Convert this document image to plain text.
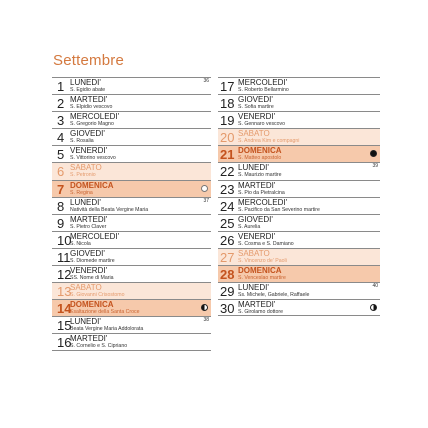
Settembre
1 LUNEDI'
S. Egidio abate
36
2 MARTEDI'
S. Elpidio vescovo
3 MERCOLEDI'
S. Gregorio Magno
4 GIOVEDI'
S. Rosalia
5 VENERDI'
S. Vittorino vescovo
6 SABATO
S. Petronio
7 DOMENICA
S. Regina
8 LUNEDI'
Natività della Beata Vergine Maria
37
9 MARTEDI'
S. Pietro Claver
10
MERCOLEDI'
S. Nicola
11 GIOVEDI'
S. Diomede martire
12
VENERDI'
SS. Nome di Maria
13
SABATO
S. Giovanni Crisostomo
14
DOMENICA
Esaltazione della Santa Croce
15
LUNEDI'
Beata Vergine Maria Addolorata
38
16
MARTEDI'
S. Cornelio e S. Cipriano
17 MERCOLEDI'
S. Roberto Bellarmino
18 GIOVEDI'
S. Sofia martire
19 VENERDI'
S. Gennaro vescovo
20 SABATO
S. Andrea Kim e compagni
21 DOMENICA
S. Matteo apostolo
22 LUNEDI'
S. Maurizio martire
39
23 MARTEDI'
S. Pio da Pietralcina
24 MERCOLEDI'
S. Pacifico da San Severino martire
25 GIOVEDI'
S. Aurelia
26 VENERDI'
S. Cosma e S. Damiano
27 SABATO
S. Vincenzo de' Paoli
28 DOMENICA
S. Venceslao martire
29 LUNEDI'
Ss. Michele, Gabriele, Raffaele
40
30 MARTEDI'
S. Girolamo dottore
